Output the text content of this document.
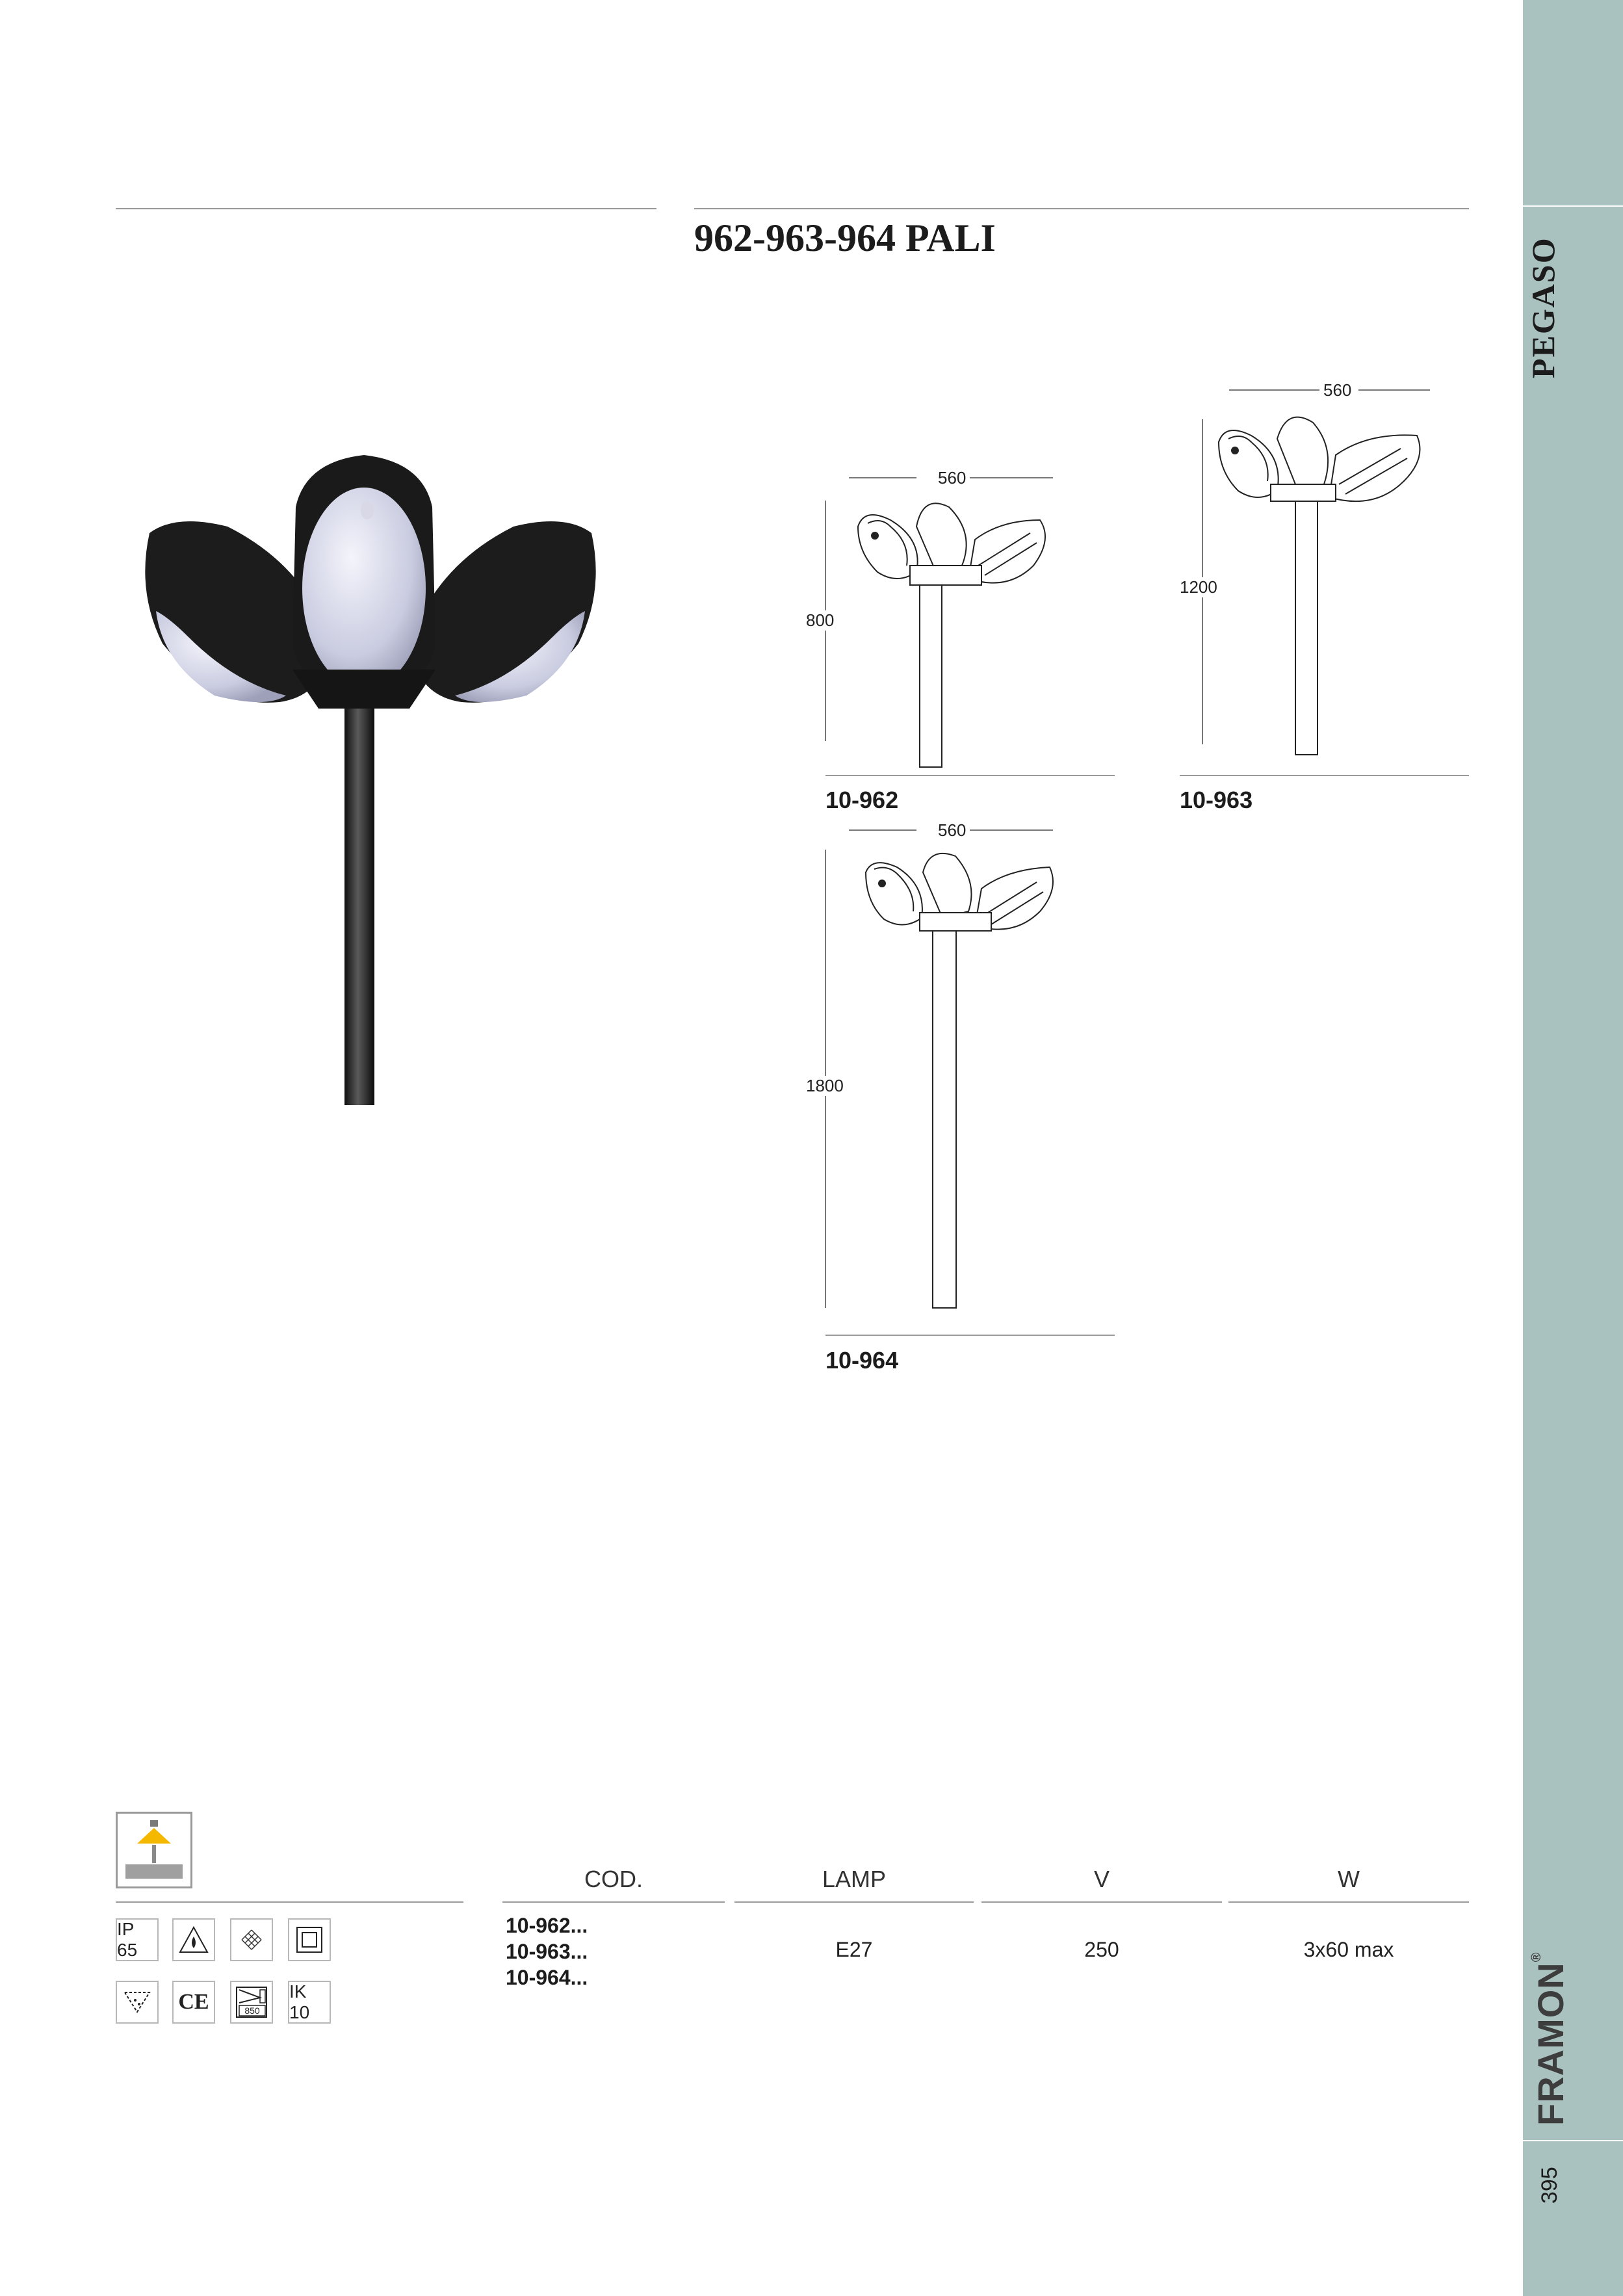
PEGASO
FRAMON®
395
962-963-964 PALI
560
800
10-962
560
1200
10-963
560
1800
10-964
IP 65
CE	850
IK 10
COD.	LAMP	V	W
10-962...
10-963...
10-964...
E27	250	3x60 max
